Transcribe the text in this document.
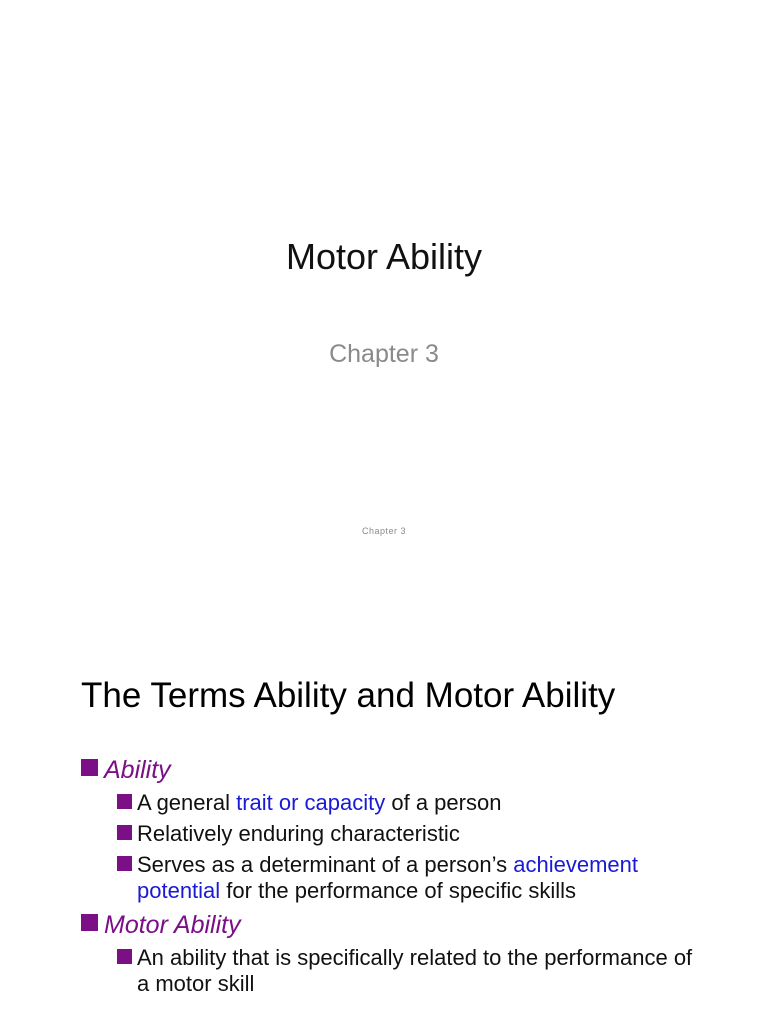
Motor Ability
Chapter 3
Chapter 3
The Terms Ability and Motor Ability
Ability
A general trait or capacity of a person
Relatively enduring characteristic
Serves as a determinant of a person’s achievement potential for the performance of specific skills
Motor Ability
An ability that is specifically related to the performance of a motor skill
